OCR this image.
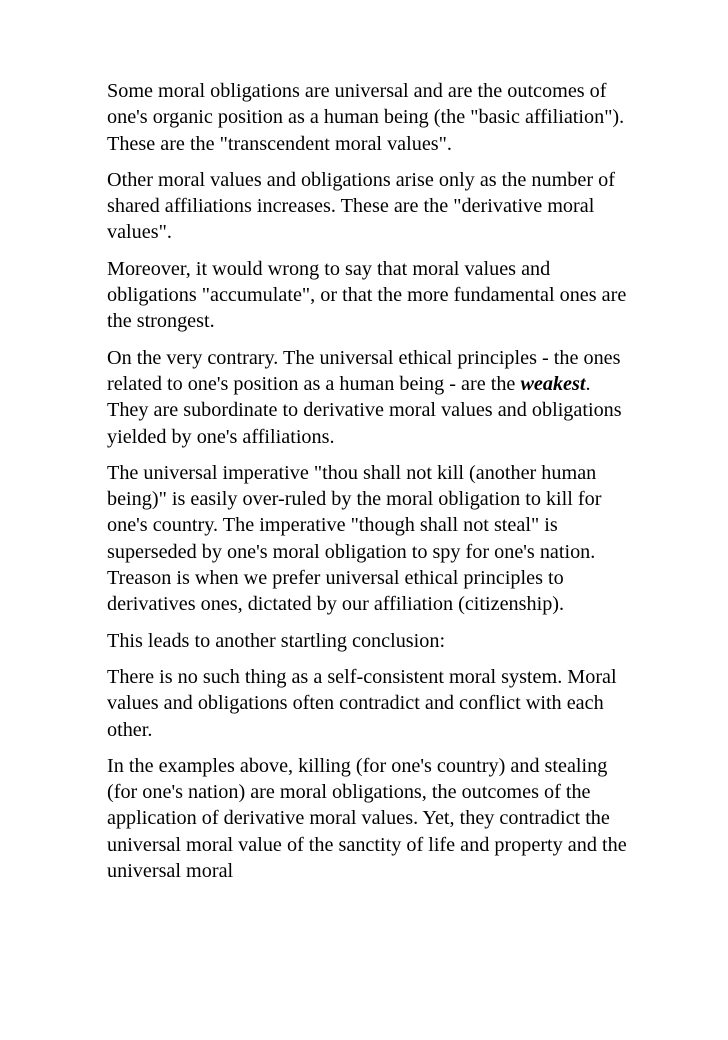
Some moral obligations are universal and are the outcomes of one's organic position as a human being (the "basic affiliation"). These are the "transcendent moral values".

Other moral values and obligations arise only as the number of shared affiliations increases. These are the "derivative moral values".

Moreover, it would wrong to say that moral values and obligations "accumulate", or that the more fundamental ones are the strongest.

On the very contrary. The universal ethical principles - the ones related to one's position as a human being - are the weakest. They are subordinate to derivative moral values and obligations yielded by one's affiliations.

The universal imperative "thou shall not kill (another human being)" is easily over-ruled by the moral obligation to kill for one's country. The imperative "though shall not steal" is superseded by one's moral obligation to spy for one's nation. Treason is when we prefer universal ethical principles to derivatives ones, dictated by our affiliation (citizenship).

This leads to another startling conclusion:

There is no such thing as a self-consistent moral system. Moral values and obligations often contradict and conflict with each other.

In the examples above, killing (for one's country) and stealing (for one's nation) are moral obligations, the outcomes of the application of derivative moral values. Yet, they contradict the universal moral value of the sanctity of life and property and the universal moral
